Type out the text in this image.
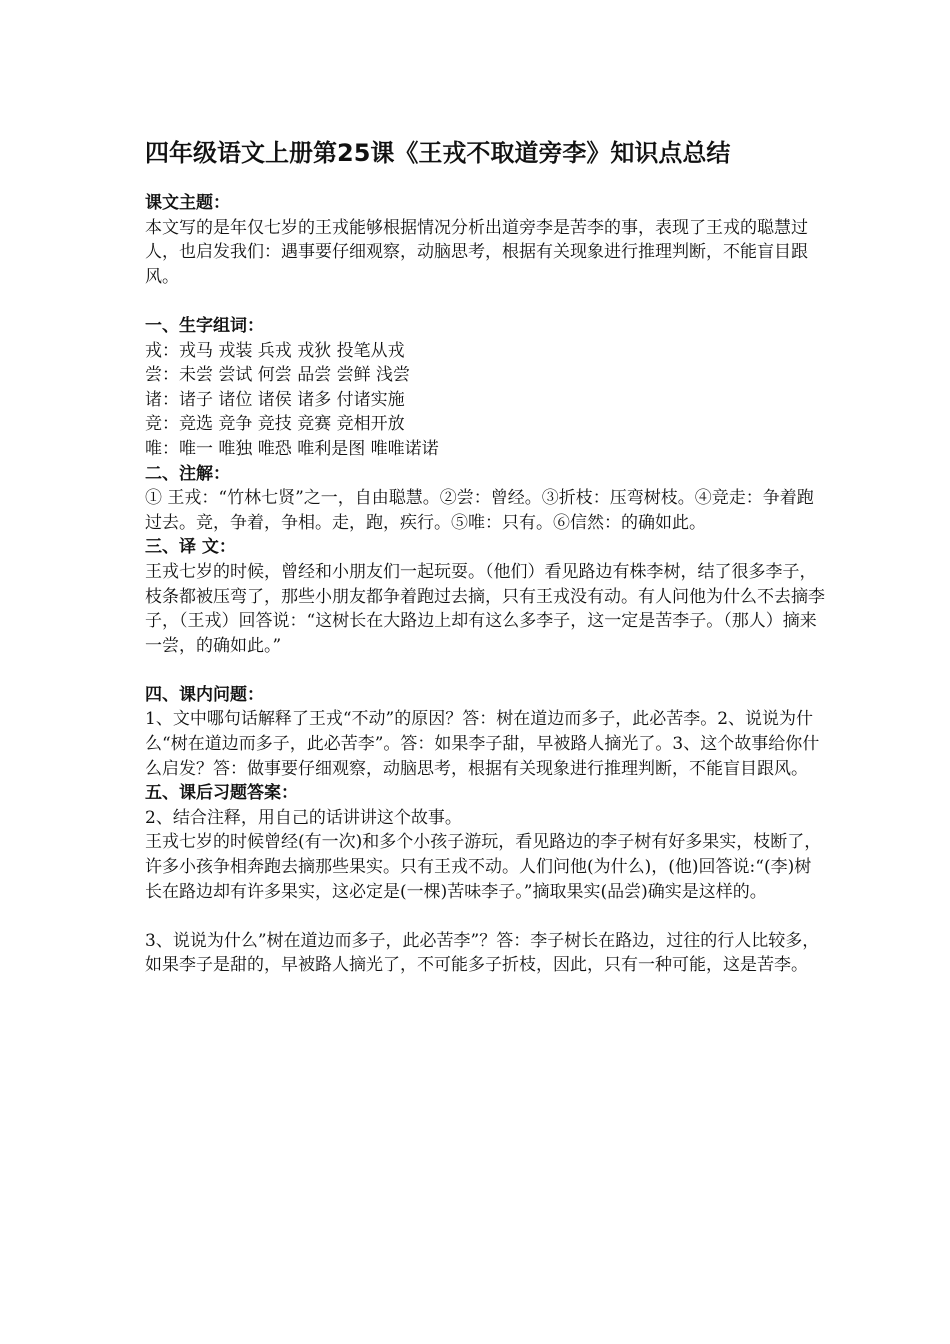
四年级语文上册第25课《王戎不取道旁李》知识点总结
课文主题：

本文写的是年仅七岁的王戎能够根据情况分析出道旁李是苦李的事，表现了王戎的聪慧过人，也启发我们：遇事要仔细观察，动脑思考，根据有关现象进行推理判断，不能盲目跟风。

一、生字组词：
戎：戎马 戎装 兵戎 戎狄 投笔从戎
尝：未尝 尝试 何尝 品尝 尝鲜 浅尝
诸：诸子 诸位 诸侯 诸多 付诸实施
竞：竞选 竞争 竞技 竞赛 竞相开放
唯：唯一 唯独 唯恐 唯利是图 唯唯诺诺
二、注解：

① 王戎：“竹林七贤”之一，自由聪慧。②尝：曾经。③折枝：压弯树枝。④竞走：争着跑过去。竞，争着，争相。走，跑，疾行。⑤唯：只有。⑥信然：的确如此。

三、译 文：

王戎七岁的时候，曾经和小朋友们一起玩耍。（他们）看见路边有株李树，结了很多李子，枝条都被压弯了，那些小朋友都争着跑过去摘，只有王戎没有动。有人问他为什么不去摘李子，（王戎）回答说：“这树长在大路边上却有这么多李子，这一定是苦李子。（那人）摘来一尝，的确如此。”

四、课内问题：

1、文中哪句话解释了王戎“不动”的原因？答：树在道边而多子，此必苦李。2、说说为什么“树在道边而多子，此必苦李”。答：如果李子甜，早被路人摘光了。3、这个故事给你什么启发？答：做事要仔细观察，动脑思考，根据有关现象进行推理判断，不能盲目跟风。

五、课后习题答案：

2、结合注释，用自己的话讲讲这个故事。

王戎七岁的时候曾经(有一次)和多个小孩子游玩，看见路边的李子树有好多果实，枝断了，许多小孩争相奔跑去摘那些果实。只有王戎不动。人们问他(为什么)，(他)回答说:“(李)树长在路边却有许多果实，这必定是(一棵)苦味李子。”摘取果实(品尝)确实是这样的。

3、说说为什么”树在道边而多子，此必苦李”？答：李子树长在路边，过往的行人比较多，如果李子是甜的，早被路人摘光了，不可能多子折枝，因此，只有一种可能，这是苦李。
